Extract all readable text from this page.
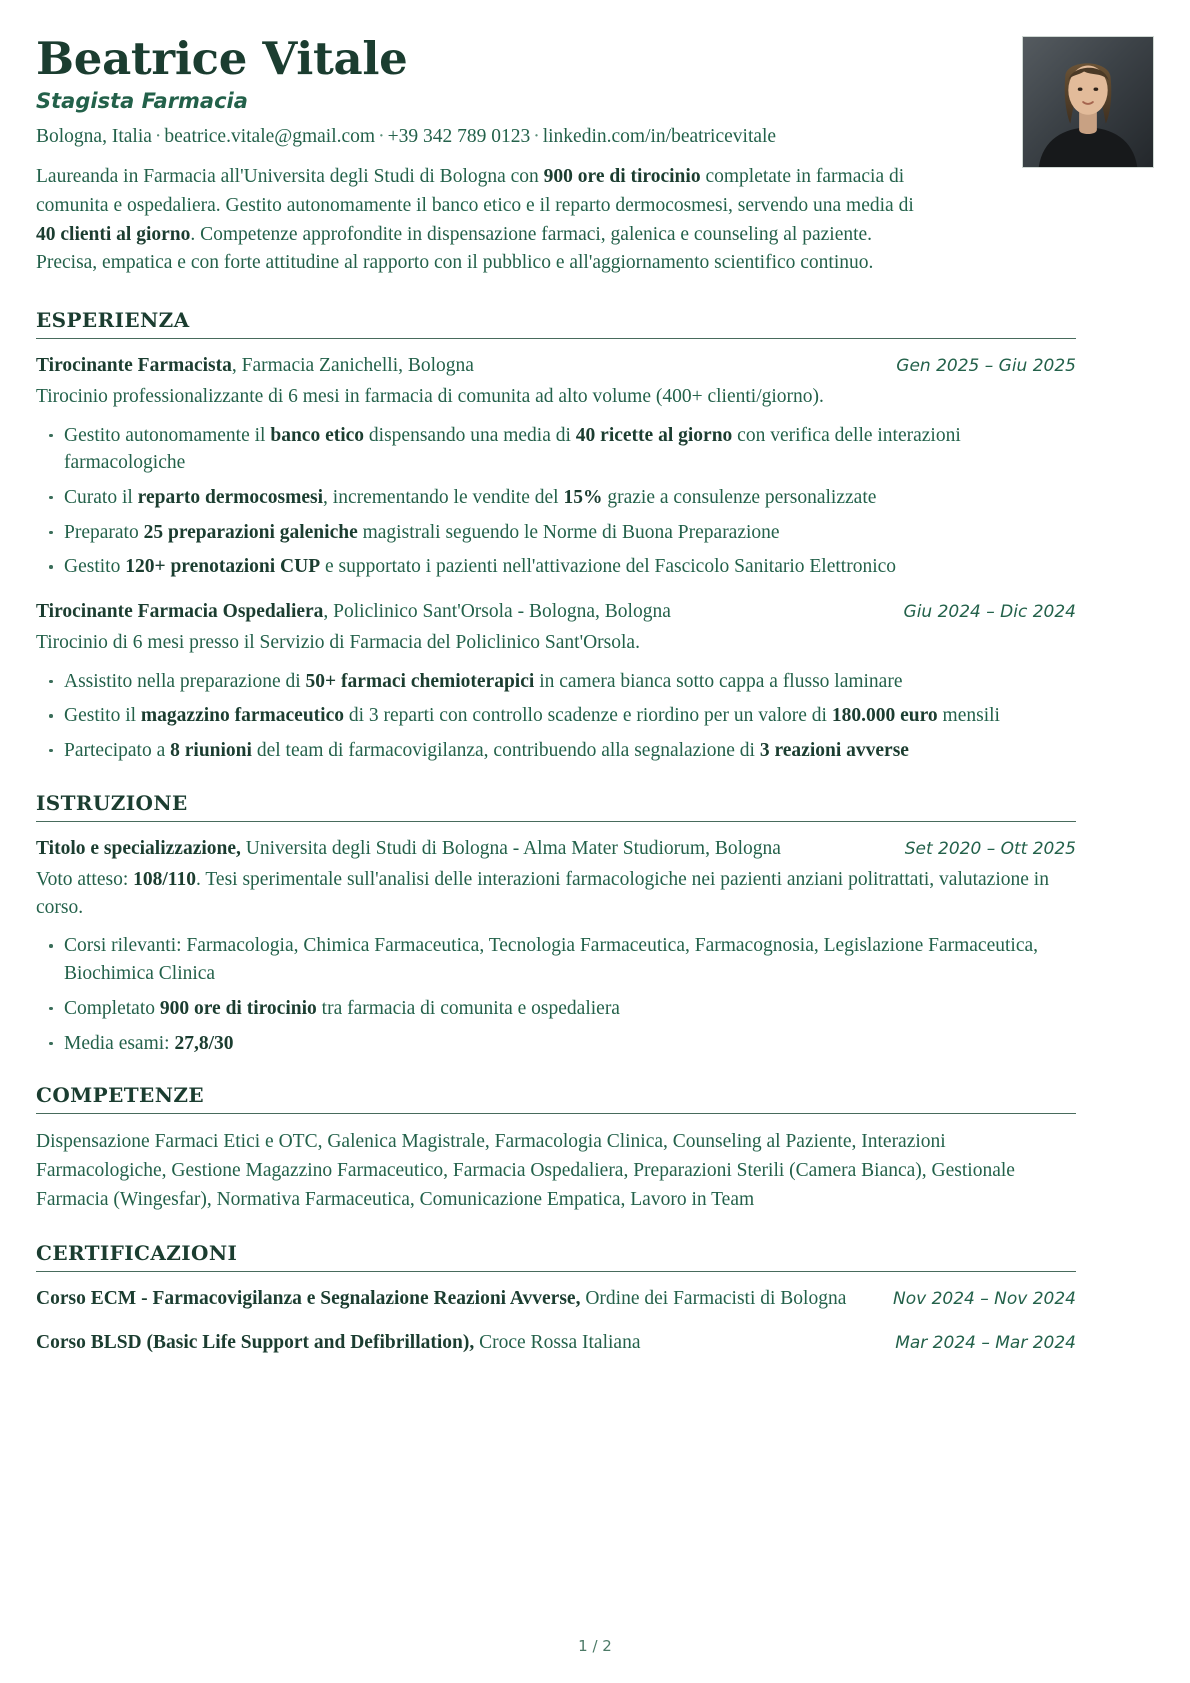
Beatrice Vitale
Stagista Farmacia
Bologna, Italia · beatrice.vitale@gmail.com · +39 342 789 0123 · linkedin.com/in/beatricevitale

Laureanda in Farmacia all'Universita degli Studi di Bologna con 900 ore di tirocinio completate in farmacia di comunita e ospedaliera. Gestito autonomamente il banco etico e il reparto dermocosmesi, servendo una media di 40 clienti al giorno. Competenze approfondite in dispensazione farmaci, galenica e counseling al paziente. Precisa, empatica e con forte attitudine al rapporto con il pubblico e all'aggiornamento scientifico continuo.

ESPERIENZA
Tirocinante Farmacista, Farmacia Zanichelli, Bologna	Gen 2025 – Giu 2025

Tirocinio professionalizzante di 6 mesi in farmacia di comunita ad alto volume (400+ clienti/giorno).

Gestito autonomamente il banco etico dispensando una media di 40 ricette al giorno con verifica delle interazioni farmacologiche
Curato il reparto dermocosmesi, incrementando le vendite del 15% grazie a consulenze personalizzate
Preparato 25 preparazioni galeniche magistrali seguendo le Norme di Buona Preparazione
Gestito 120+ prenotazioni CUP e supportato i pazienti nell'attivazione del Fascicolo Sanitario Elettronico
Tirocinante Farmacia Ospedaliera, Policlinico Sant'Orsola - Bologna, Bologna	Giu 2024 – Dic 2024

Tirocinio di 6 mesi presso il Servizio di Farmacia del Policlinico Sant'Orsola.

Assistito nella preparazione di 50+ farmaci chemioterapici in camera bianca sotto cappa a flusso laminare
Gestito il magazzino farmaceutico di 3 reparti con controllo scadenze e riordino per un valore di 180.000 euro mensili
Partecipato a 8 riunioni del team di farmacovigilanza, contribuendo alla segnalazione di 3 reazioni avverse
ISTRUZIONE
Titolo e specializzazione, Universita degli Studi di Bologna - Alma Mater Studiorum, Bologna	Set 2020 – Ott 2025

Voto atteso: 108/110. Tesi sperimentale sull'analisi delle interazioni farmacologiche nei pazienti anziani politrattati, valutazione in corso.

Corsi rilevanti: Farmacologia, Chimica Farmaceutica, Tecnologia Farmaceutica, Farmacognosia, Legislazione Farmaceutica, Biochimica Clinica
Completato 900 ore di tirocinio tra farmacia di comunita e ospedaliera
Media esami: 27,8/30
COMPETENZE

Dispensazione Farmaci Etici e OTC, Galenica Magistrale, Farmacologia Clinica, Counseling al Paziente, Interazioni Farmacologiche, Gestione Magazzino Farmaceutico, Farmacia Ospedaliera, Preparazioni Sterili (Camera Bianca), Gestionale Farmacia (Wingesfar), Normativa Farmaceutica, Comunicazione Empatica, Lavoro in Team

CERTIFICAZIONI
Corso ECM - Farmacovigilanza e Segnalazione Reazioni Avverse, Ordine dei Farmacisti di Bologna	Nov 2024 – Nov 2024
Corso BLSD (Basic Life Support and Defibrillation), Croce Rossa Italiana	Mar 2024 – Mar 2024
1 / 2
